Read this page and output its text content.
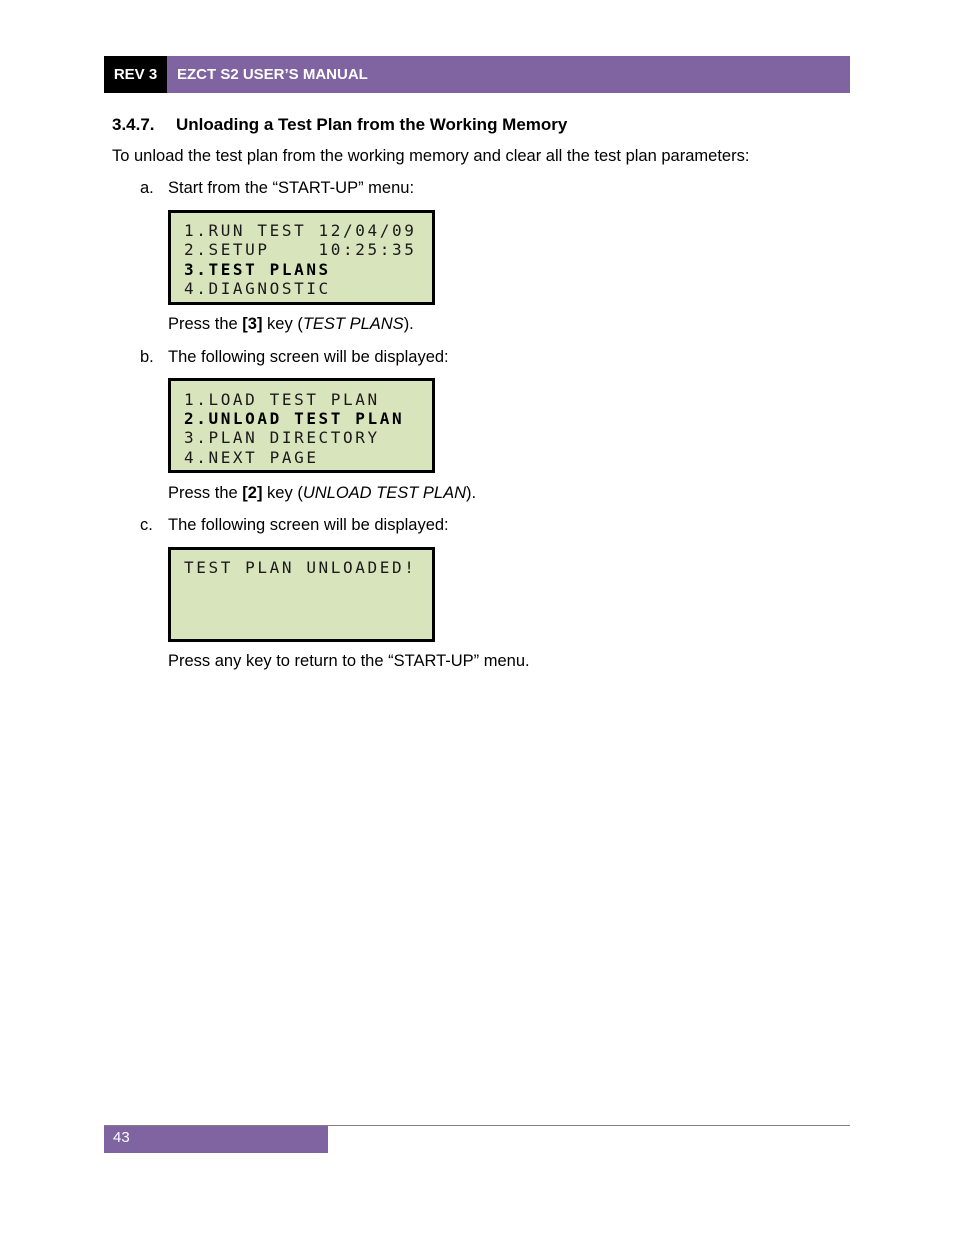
REV 3	EZCT S2 USER’S MANUAL
3.4.7. Unloading a Test Plan from the Working Memory
To unload the test plan from the working memory and clear all the test plan parameters:
a. Start from the “START-UP” menu:
1.RUN TEST 12/04/09
2.SETUP    10:25:35
3.TEST PLANS
4.DIAGNOSTIC
Press the [3] key (TEST PLANS).
b. The following screen will be displayed:
1.LOAD TEST PLAN
2.UNLOAD TEST PLAN
3.PLAN DIRECTORY
4.NEXT PAGE
Press the [2] key (UNLOAD TEST PLAN).
c. The following screen will be displayed:
TEST PLAN UNLOADED!
Press any key to return to the “START-UP” menu.
43
